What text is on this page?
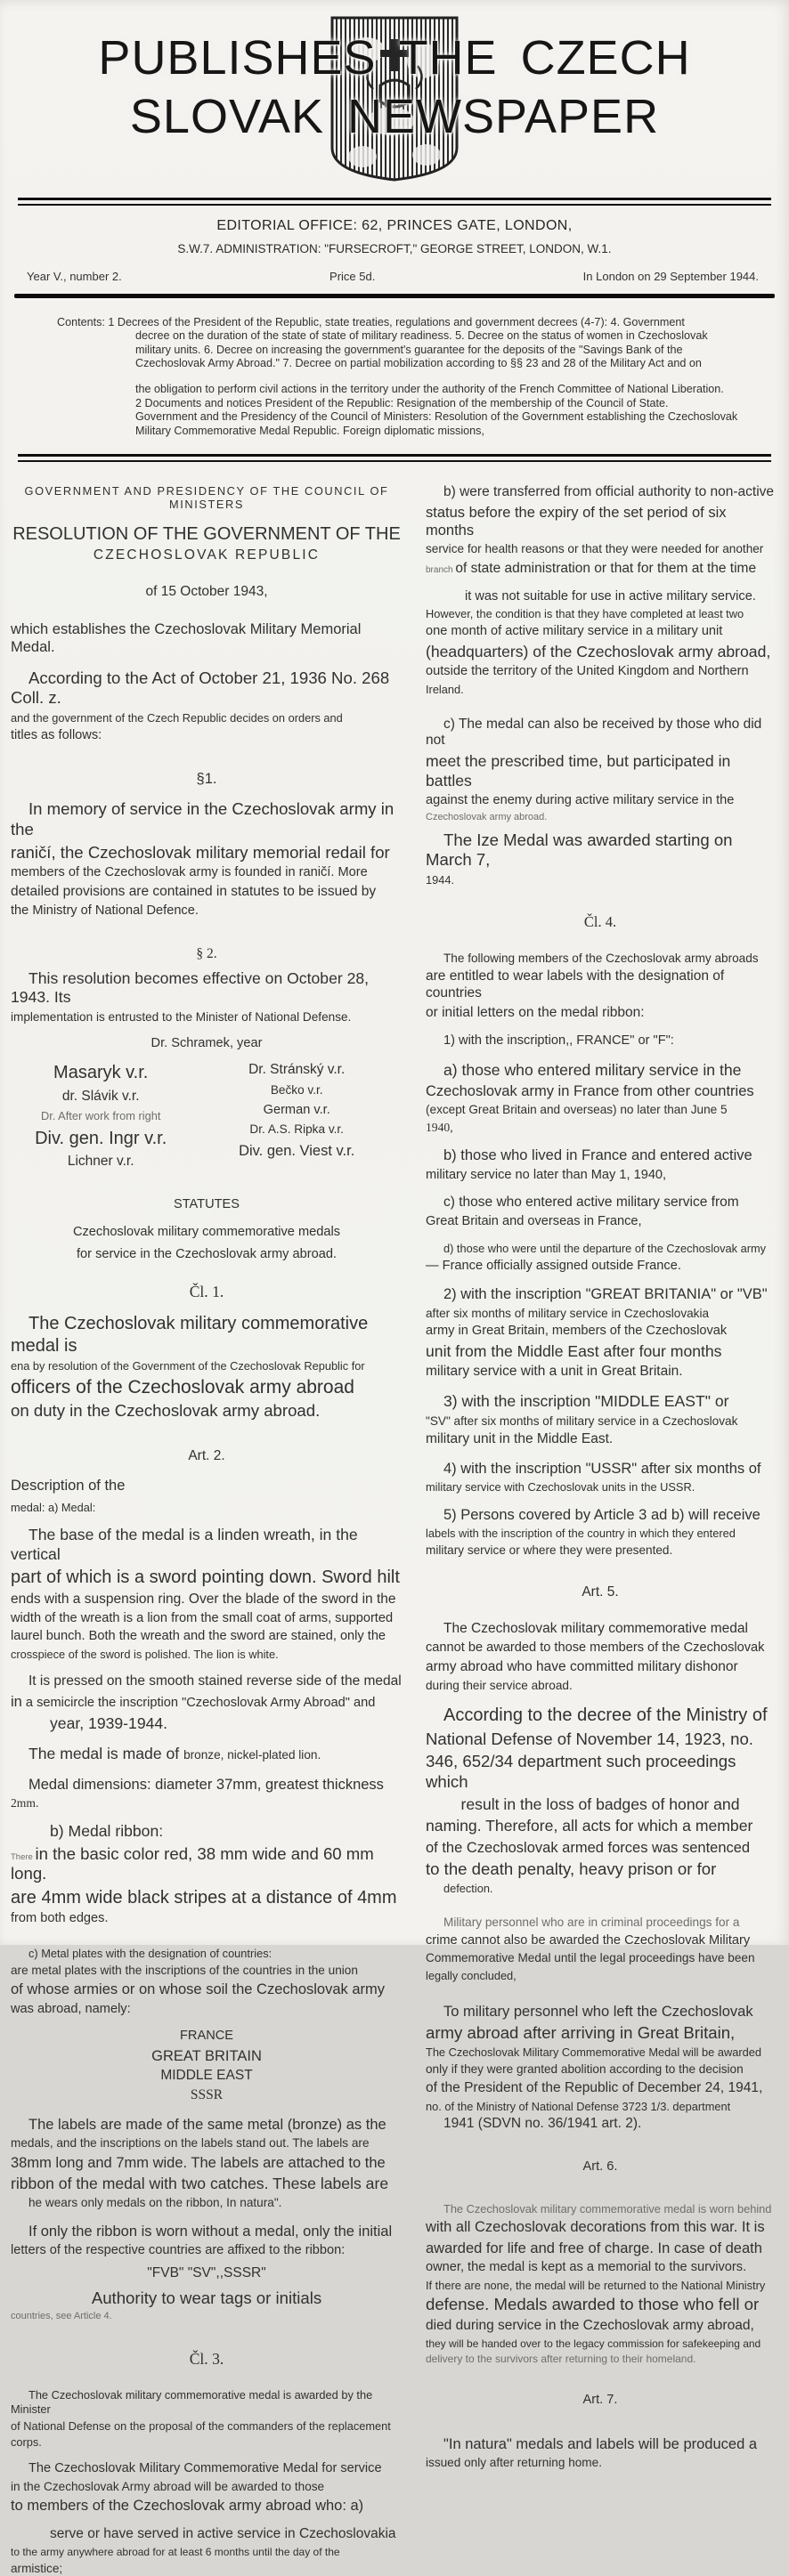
PUBLISHES THE CZECH
SLOVAK NEWSPAPER
EDITORIAL OFFICE: 62, PRINCES GATE, LONDON,
S.W.7. ADMINISTRATION: "FURSECROFT," GEORGE STREET, LONDON, W.1.
Year V., number 2.	Price 5d.	In London on 29 September 1944.
Contents: 1 Decrees of the President of the Republic, state treaties, regulations and government decrees (4-7): 4. Government
decree on the duration of the state of state of military readiness. 5. Decree on the status of women in Czechoslovak
military units. 6. Decree on increasing the government's guarantee for the deposits of the "Savings Bank of the
Czechoslovak Army Abroad." 7. Decree on partial mobilization according to §§ 23 and 28 of the Military Act and on
the obligation to perform civil actions in the territory under the authority of the French Committee of National Liberation.
2 Documents and notices President of the Republic: Resignation of the membership of the Council of State.
Government and the Presidency of the Council of Ministers: Resolution of the Government establishing the Czechoslovak
Military Commemorative Medal Republic. Foreign diplomatic missions,
GOVERNMENT AND PRESIDENCY OF THE COUNCIL OF MINISTERS
RESOLUTION OF THE GOVERNMENT OF THE
CZECHOSLOVAK REPUBLIC
of 15 October 1943,
which establishes the Czechoslovak Military Memorial Medal.
According to the Act of October 21, 1936 No. 268 Coll. z.
and the government of the Czech Republic decides on orders and
titles as follows:
§1.
In memory of service in the Czechoslovak army in the
raničí, the Czechoslovak military memorial redail for
members of the Czechoslovak army is founded in raničí. More
detailed provisions are contained in statutes to be issued by
the Ministry of National Defence.
§ 2.
This resolution becomes effective on October 28, 1943. Its
implementation is entrusted to the Minister of National Defense.
Dr. Schramek, year
Masaryk v.r.
dr. Slávik v.r.
Dr. After work from right
Div. gen. Ingr v.r.
Lichner v.r.
Dr. Stránský v.r.
Bečko v.r.
German v.r.
Dr. A.S. Ripka v.r.
Div. gen. Viest v.r.
STATUTES
Czechoslovak military commemorative medals
for service in the Czechoslovak army abroad.
Čl. 1.
The Czechoslovak military commemorative medal is
ena by resolution of the Government of the Czechoslovak Republic for
officers of the Czechoslovak army abroad
on duty in the Czechoslovak army abroad.
Art. 2.
Description of the
medal: a) Medal:
The base of the medal is a linden wreath, in the vertical
part of which is a sword pointing down. Sword hilt
ends with a suspension ring. Over the blade of the sword in the
width of the wreath is a lion from the small coat of arms, supported
laurel bunch. Both the wreath and the sword are stained, only the
crosspiece of the sword is polished. The lion is white.
It is pressed on the smooth stained reverse side of the medal
in a semicircle the inscription "Czechoslovak Army Abroad" and
year, 1939-1944.
The medal is made of bronze, nickel-plated lion.
Medal dimensions: diameter 37mm, greatest thickness
2mm.
b) Medal ribbon:
There in the basic color red, 38 mm wide and 60 mm long.
are 4mm wide black stripes at a distance of 4mm
from both edges.
c) Metal plates with the designation of countries:
are metal plates with the inscriptions of the countries in the union
of whose armies or on whose soil the Czechoslovak army
was abroad, namely:
FRANCE
GREAT BRITAIN
MIDDLE EAST
SSSR
The labels are made of the same metal (bronze) as the
medals, and the inscriptions on the labels stand out. The labels are
38mm long and 7mm wide. The labels are attached to the
ribbon of the medal with two catches. These labels are
he wears only medals on the ribbon, In natura".
If only the ribbon is worn without a medal, only the initial
letters of the respective countries are affixed to the ribbon:
"FVB" "SV",,SSSR"
Authority to wear tags or initials
countries, see Article 4.
Čl. 3.
The Czechoslovak military commemorative medal is awarded by the Minister
of National Defense on the proposal of the commanders of the replacement
corps.
The Czechoslovak Military Commemorative Medal for service
in the Czechoslovak Army abroad will be awarded to those
to members of the Czechoslovak army abroad who: a)
serve or have served in active service in Czechoslovakia
to the army anywhere abroad for at least 6 months until the day of the
armistice;
b) were transferred from official authority to non-active
status before the expiry of the set period of six months
service for health reasons or that they were needed for another
branch of state administration or that for them at the time
it was not suitable for use in active military service.
However, the condition is that they have completed at least two
one month of active military service in a military unit
(headquarters) of the Czechoslovak army abroad,
outside the territory of the United Kingdom and Northern
Ireland.
c) The medal can also be received by those who did not
meet the prescribed time, but participated in battles
against the enemy during active military service in the
Czechoslovak army abroad.
The Ize Medal was awarded starting on March 7,
1944.
Čl. 4.
The following members of the Czechoslovak army abroads
are entitled to wear labels with the designation of countries
or initial letters on the medal ribbon:
1) with the inscription,, FRANCE" or "F":
a) those who entered military service in the
Czechoslovak army in France from other countries
(except Great Britain and overseas) no later than June 5
1940,
b) those who lived in France and entered active
military service no later than May 1, 1940,
c) those who entered active military service from
Great Britain and overseas in France,
d) those who were until the departure of the Czechoslovak army
— France officially assigned outside France.
2) with the inscription "GREAT BRITANIA" or "VB"
after six months of military service in Czechoslovakia
army in Great Britain, members of the Czechoslovak
unit from the Middle East after four months
military service with a unit in Great Britain.
3) with the inscription "MIDDLE EAST" or
"SV" after six months of military service in a Czechoslovak
military unit in the Middle East.
4) with the inscription "USSR" after six months of
military service with Czechoslovak units in the USSR.
5) Persons covered by Article 3 ad b) will receive
labels with the inscription of the country in which they entered
military service or where they were presented.
Art. 5.
The Czechoslovak military commemorative medal
cannot be awarded to those members of the Czechoslovak
army abroad who have committed military dishonor
during their service abroad.
According to the decree of the Ministry of
National Defense of November 14, 1923, no.
346, 652/34 department such proceedings which
result in the loss of badges of honor and
naming. Therefore, all acts for which a member
of the Czechoslovak armed forces was sentenced
to the death penalty, heavy prison or for
defection.
Military personnel who are in criminal proceedings for a
crime cannot also be awarded the Czechoslovak Military
Commemorative Medal until the legal proceedings have been
legally concluded,
To military personnel who left the Czechoslovak
army abroad after arriving in Great Britain,
The Czechoslovak Military Commemorative Medal will be awarded
only if they were granted abolition according to the decision
of the President of the Republic of December 24, 1941,
no. of the Ministry of National Defense 3723 1/3. department
1941 (SDVN no. 36/1941 art. 2).
Art. 6.
The Czechoslovak military commemorative medal is worn behind
with all Czechoslovak decorations from this war. It is
awarded for life and free of charge. In case of death
owner, the medal is kept as a memorial to the survivors.
If there are none, the medal will be returned to the National Ministry
defense. Medals awarded to those who fell or
died during service in the Czechoslovak army abroad,
they will be handed over to the legacy commission for safekeeping and
delivery to the survivors after returning to their homeland.
Art. 7.
"In natura" medals and labels will be produced a
issued only after returning home.
